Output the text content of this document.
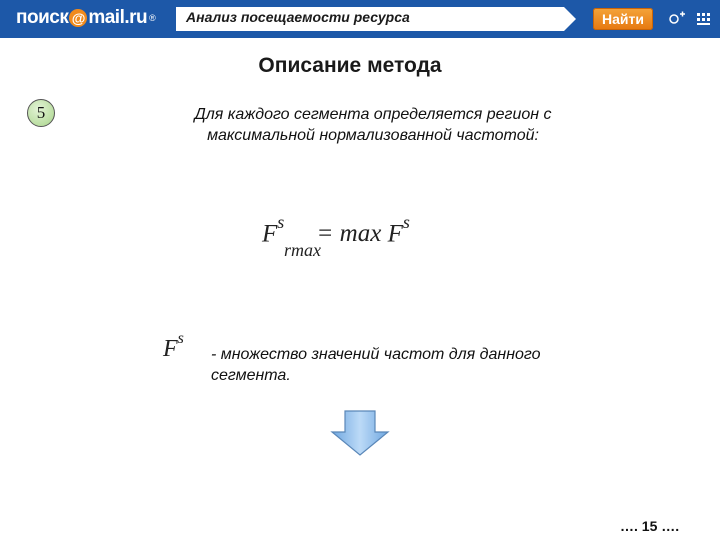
поиск @ mail.ru ® Анализ посещаемости ресурса	Найти
Описание метода
5	Для каждого сегмента определяется регион с максимальной нормализованной частотой:
$F^s$
rmax
= $\max F^s$
$F^s$
- множество значений частот для данного сегмента.
…. 15 ….
